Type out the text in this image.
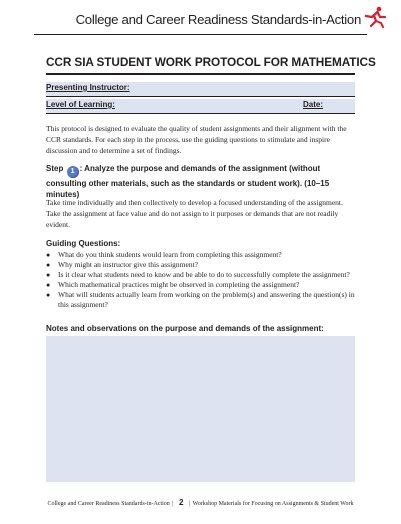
College and Career Readiness Standards-in-Action
CCR SIA STUDENT WORK PROTOCOL FOR MATHEMATICS
Presenting Instructor:
Level of Learning:	Date:

This protocol is designed to evaluate the quality of student assignments and their alignment with the CCR standards. For each step in the process, use the guiding questions to stimulate and inspire discussion and to determine a set of findings.

Step 1 : Analyze the purpose and demands of the assignment (without consulting other materials, such as the standards or student work). (10–15 minutes)

Take time individually and then collectively to develop a focused understanding of the assignment. Take the assignment at face value and do not assign to it purposes or demands that are not readily evident.

Guiding Questions:
● What do you think students would learn from completing this assignment?
● Why might an instructor give this assignment?
● Is it clear what students need to know and be able to do to successfully complete the assignment?
● Which mathematical practices might be observed in completing the assignment?
● What will students actually learn from working on the problem(s) and answering the question(s) in this assignment?
Notes and observations on the purpose and demands of the assignment:
College and Career Readiness Standards-in-Action | 2 | Workshop Materials for Focusing on Assignments & Student Work
